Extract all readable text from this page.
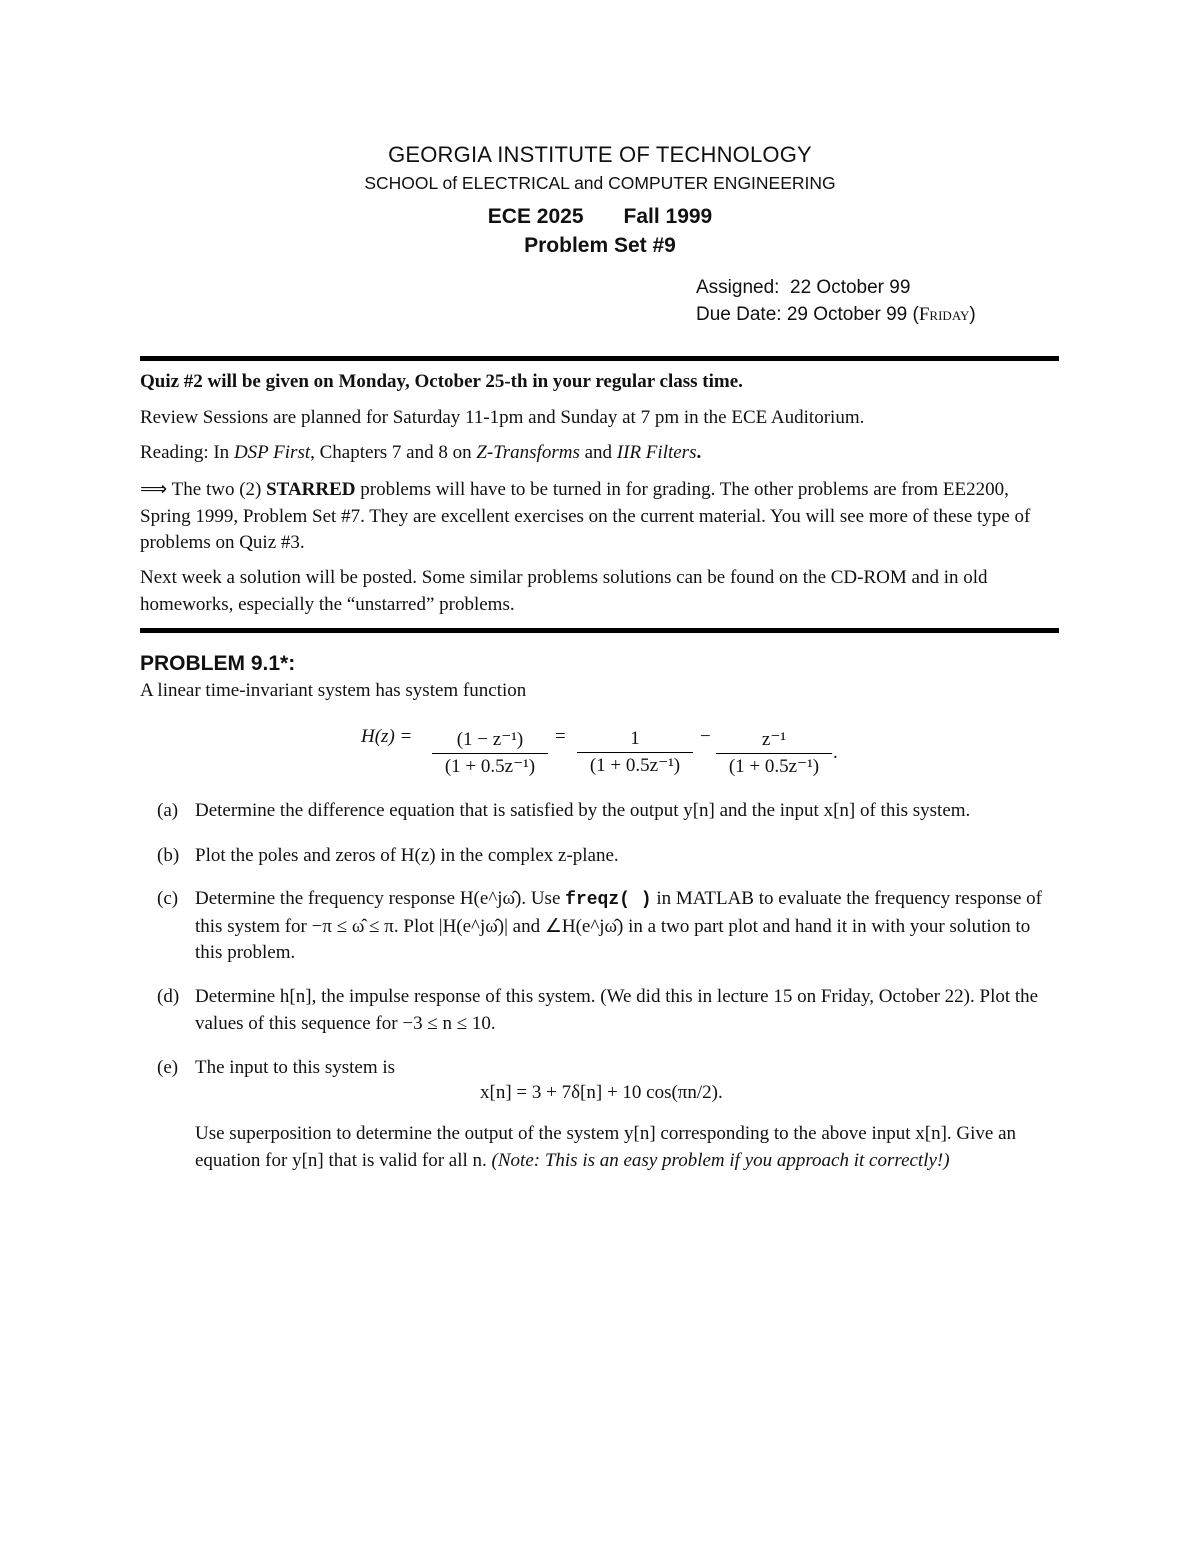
GEORGIA INSTITUTE OF TECHNOLOGY
SCHOOL of ELECTRICAL and COMPUTER ENGINEERING
ECE 2025 Fall 1999
Problem Set #9
Assigned: 22 October 99
Due Date: 29 October 99 (Friday)
Quiz #2 will be given on Monday, October 25-th in your regular class time.
Review Sessions are planned for Saturday 11-1pm and Sunday at 7 pm in the ECE Auditorium.
Reading: In DSP First, Chapters 7 and 8 on Z-Transforms and IIR Filters.
⟹ The two (2) STARRED problems will have to be turned in for grading. The other problems are from EE2200, Spring 1999, Problem Set #7. They are excellent exercises on the current material. You will see more of these type of problems on Quiz #3.
Next week a solution will be posted. Some similar problems solutions can be found on the CD-ROM and in old homeworks, especially the “unstarred” problems.
PROBLEM 9.1*:
A linear time-invariant system has system function
$H(z) = \frac{\text{(1 − z⁻¹)}}{\text{(1 + 0.5z⁻¹)}} = \frac{1}{\text{(1 + 0.5z⁻¹)}} - \frac{\text{z⁻¹}}{\text{(1 + 0.5z⁻¹)}}$ .
(a) Determine the difference equation that is satisfied by the output y[n] and the input x[n] of this system.
(b) Plot the poles and zeros of H(z) in the complex z-plane.
(c) Determine the frequency response H(e^jω̂). Use freqz( ) in MATLAB to evaluate the frequency response of this system for −π ≤ ω̂ ≤ π. Plot |H(e^jω̂)| and ∠H(e^jω̂) in a two part plot and hand it in with your solution to this problem.
(d) Determine h[n], the impulse response of this system. (We did this in lecture 15 on Friday, October 22). Plot the values of this sequence for −3 ≤ n ≤ 10.
(e) The input to this system is
x[n] = 3 + 7δ[n] + 10 cos(πn/2).
Use superposition to determine the output of the system y[n] corresponding to the above input x[n]. Give an equation for y[n] that is valid for all n. (Note: This is an easy problem if you approach it correctly!)
